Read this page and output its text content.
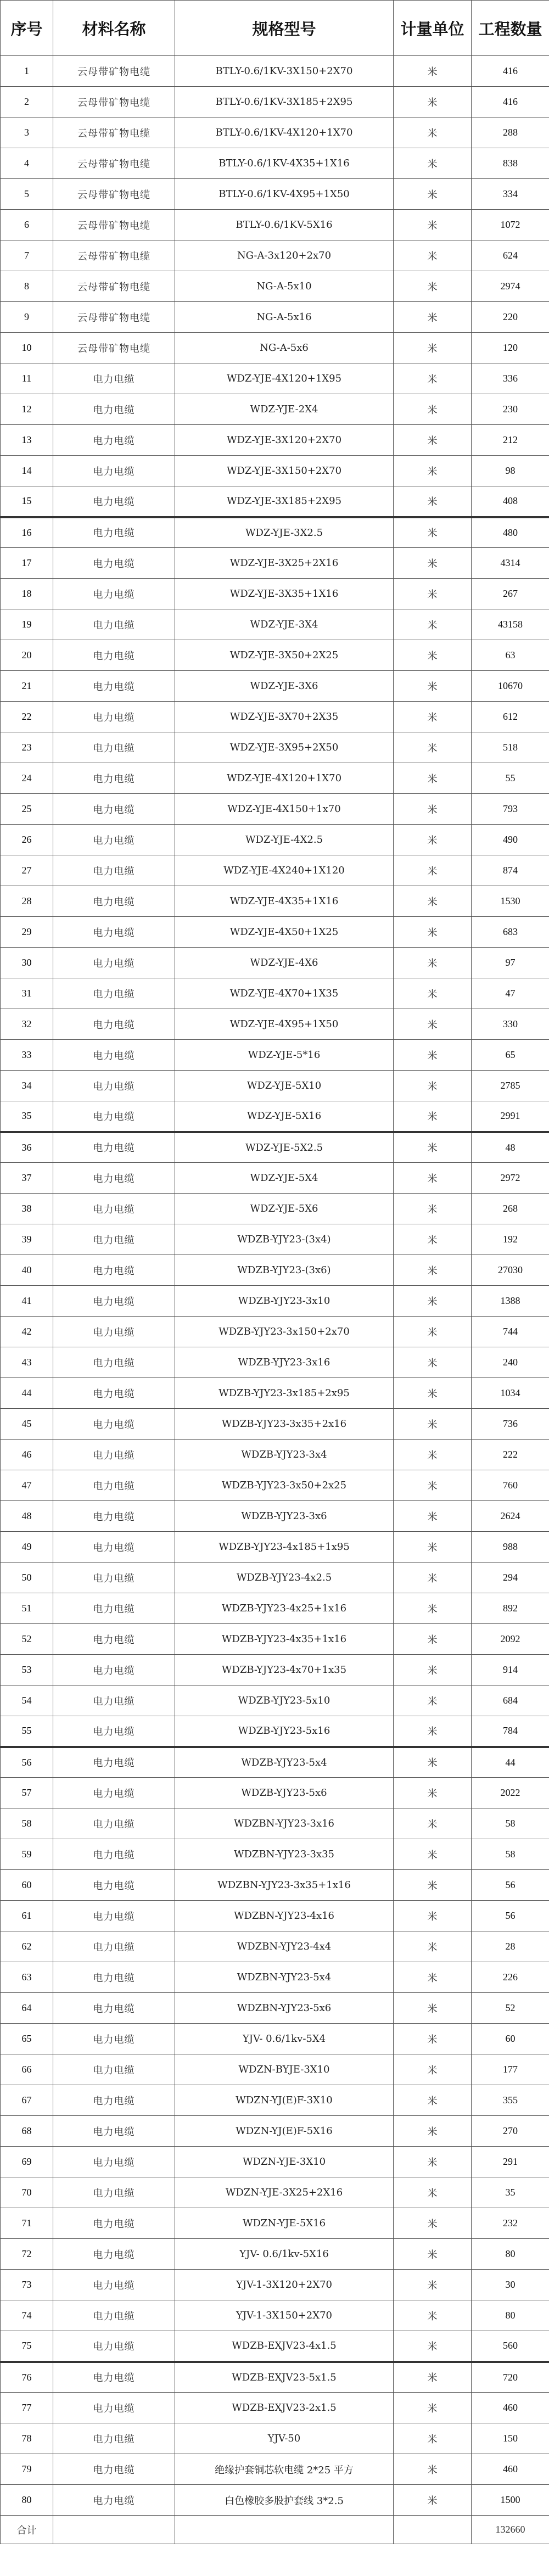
序号	材料名称	规格型号	计量单位	工程数量
1	云母带矿物电缆	BTLY-0.6/1KV-3X150+2X70	米	416
2	云母带矿物电缆	BTLY-0.6/1KV-3X185+2X95	米	416
3	云母带矿物电缆	BTLY-0.6/1KV-4X120+1X70	米	288
4	云母带矿物电缆	BTLY-0.6/1KV-4X35+1X16	米	838
5	云母带矿物电缆	BTLY-0.6/1KV-4X95+1X50	米	334
6	云母带矿物电缆	BTLY-0.6/1KV-5X16	米	1072
7	云母带矿物电缆	NG-A-3x120+2x70	米	624
8	云母带矿物电缆	NG-A-5x10	米	2974
9	云母带矿物电缆	NG-A-5x16	米	220
10	云母带矿物电缆	NG-A-5x6	米	120
11	电力电缆	WDZ-YJE-4X120+1X95	米	336
12	电力电缆	WDZ-YJE-2X4	米	230
13	电力电缆	WDZ-YJE-3X120+2X70	米	212
14	电力电缆	WDZ-YJE-3X150+2X70	米	98
15	电力电缆	WDZ-YJE-3X185+2X95	米	408
16	电力电缆	WDZ-YJE-3X2.5	米	480
17	电力电缆	WDZ-YJE-3X25+2X16	米	4314
18	电力电缆	WDZ-YJE-3X35+1X16	米	267
19	电力电缆	WDZ-YJE-3X4	米	43158
20	电力电缆	WDZ-YJE-3X50+2X25	米	63
21	电力电缆	WDZ-YJE-3X6	米	10670
22	电力电缆	WDZ-YJE-3X70+2X35	米	612
23	电力电缆	WDZ-YJE-3X95+2X50	米	518
24	电力电缆	WDZ-YJE-4X120+1X70	米	55
25	电力电缆	WDZ-YJE-4X150+1x70	米	793
26	电力电缆	WDZ-YJE-4X2.5	米	490
27	电力电缆	WDZ-YJE-4X240+1X120	米	874
28	电力电缆	WDZ-YJE-4X35+1X16	米	1530
29	电力电缆	WDZ-YJE-4X50+1X25	米	683
30	电力电缆	WDZ-YJE-4X6	米	97
31	电力电缆	WDZ-YJE-4X70+1X35	米	47
32	电力电缆	WDZ-YJE-4X95+1X50	米	330
33	电力电缆	WDZ-YJE-5*16	米	65
34	电力电缆	WDZ-YJE-5X10	米	2785
35	电力电缆	WDZ-YJE-5X16	米	2991
36	电力电缆	WDZ-YJE-5X2.5	米	48
37	电力电缆	WDZ-YJE-5X4	米	2972
38	电力电缆	WDZ-YJE-5X6	米	268
39	电力电缆	WDZB-YJY23-(3x4)	米	192
40	电力电缆	WDZB-YJY23-(3x6)	米	27030
41	电力电缆	WDZB-YJY23-3x10	米	1388
42	电力电缆	WDZB-YJY23-3x150+2x70	米	744
43	电力电缆	WDZB-YJY23-3x16	米	240
44	电力电缆	WDZB-YJY23-3x185+2x95	米	1034
45	电力电缆	WDZB-YJY23-3x35+2x16	米	736
46	电力电缆	WDZB-YJY23-3x4	米	222
47	电力电缆	WDZB-YJY23-3x50+2x25	米	760
48	电力电缆	WDZB-YJY23-3x6	米	2624
49	电力电缆	WDZB-YJY23-4x185+1x95	米	988
50	电力电缆	WDZB-YJY23-4x2.5	米	294
51	电力电缆	WDZB-YJY23-4x25+1x16	米	892
52	电力电缆	WDZB-YJY23-4x35+1x16	米	2092
53	电力电缆	WDZB-YJY23-4x70+1x35	米	914
54	电力电缆	WDZB-YJY23-5x10	米	684
55	电力电缆	WDZB-YJY23-5x16	米	784
56	电力电缆	WDZB-YJY23-5x4	米	44
57	电力电缆	WDZB-YJY23-5x6	米	2022
58	电力电缆	WDZBN-YJY23-3x16	米	58
59	电力电缆	WDZBN-YJY23-3x35	米	58
60	电力电缆	WDZBN-YJY23-3x35+1x16	米	56
61	电力电缆	WDZBN-YJY23-4x16	米	56
62	电力电缆	WDZBN-YJY23-4x4	米	28
63	电力电缆	WDZBN-YJY23-5x4	米	226
64	电力电缆	WDZBN-YJY23-5x6	米	52
65	电力电缆	YJV- 0.6/1kv-5X4	米	60
66	电力电缆	WDZN-BYJE-3X10	米	177
67	电力电缆	WDZN-YJ(E)F-3X10	米	355
68	电力电缆	WDZN-YJ(E)F-5X16	米	270
69	电力电缆	WDZN-YJE-3X10	米	291
70	电力电缆	WDZN-YJE-3X25+2X16	米	35
71	电力电缆	WDZN-YJE-5X16	米	232
72	电力电缆	YJV- 0.6/1kv-5X16	米	80
73	电力电缆	YJV-1-3X120+2X70	米	30
74	电力电缆	YJV-1-3X150+2X70	米	80
75	电力电缆	WDZB-EXJV23-4x1.5	米	560
76	电力电缆	WDZB-EXJV23-5x1.5	米	720
77	电力电缆	WDZB-EXJV23-2x1.5	米	460
78	电力电缆	YJV-50	米	150
79	电力电缆	绝缘护套铜芯软电缆 2*25 平方	米	460
80	电力电缆	白色橡胶多股护套线 3*2.5	米	1500
合计				132660
